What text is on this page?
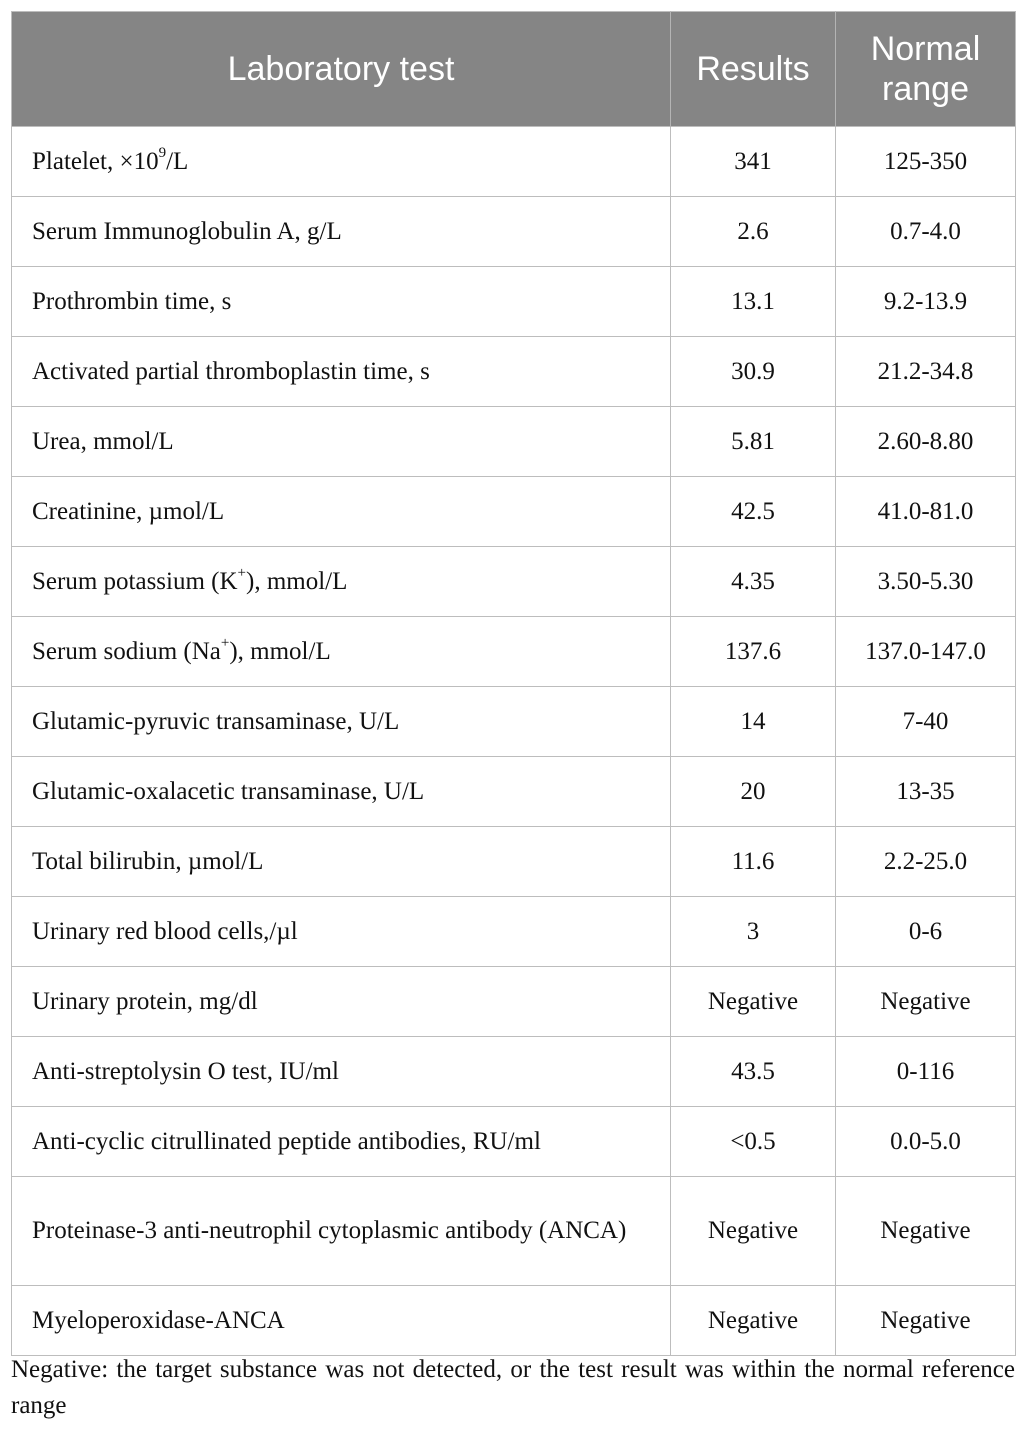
Laboratory test	Results	Normal
range
Platelet, $\times 10^9/L$	341	125-350
Serum Immunoglobulin A, g/L	2.6	0.7-4.0
Prothrombin time, s	13.1	9.2-13.9
Activated partial thromboplastin time, s	30.9	21.2-34.8
Urea, mmol/L	5.81	2.60-8.80
Creatinine, µmol/L	42.5	41.0-81.0
Serum potassium (K+), mmol/L	4.35	3.50-5.30
Serum sodium (Na+), mmol/L	137.6	137.0-147.0
Glutamic-pyruvic transaminase, U/L	14	7-40
Glutamic-oxalacetic transaminase, U/L	20	13-35
Total bilirubin, µmol/L	11.6	2.2-25.0
Urinary red blood cells,/µl	3	0-6
Urinary protein, mg/dl	Negative	Negative
Anti-streptolysin O test, IU/ml	43.5	0-116
Anti-cyclic citrullinated peptide antibodies, RU/ml	<0.5	0.0-5.0
Proteinase-3 anti-neutrophil cytoplasmic antibody (ANCA)	Negative	Negative
Myeloperoxidase-ANCA	Negative	Negative
Negative: the target substance was not detected, or the test result was within the normal reference range
